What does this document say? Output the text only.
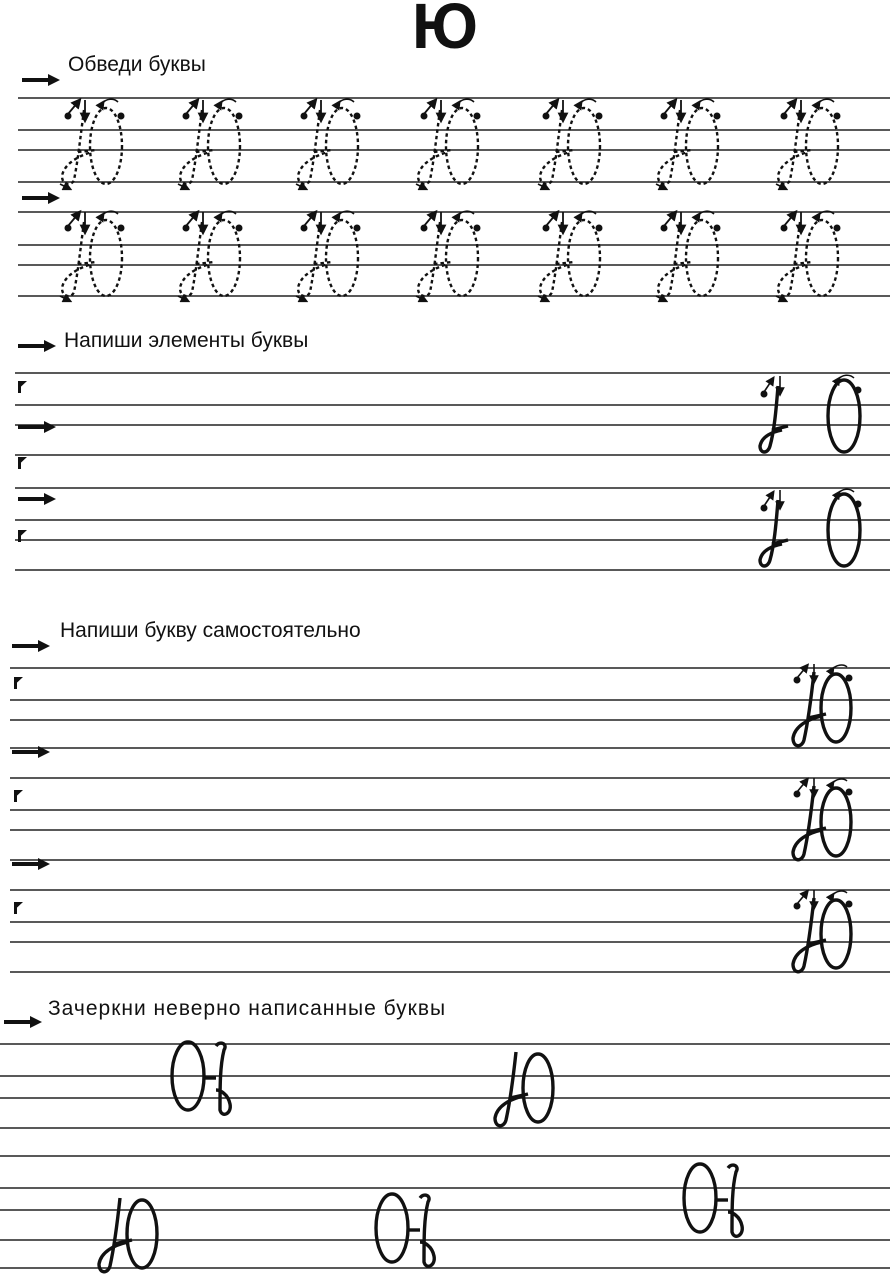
Ю
Обведи буквы
Напиши элементы буквы
Напиши букву самостоятельно
Зачеркни неверно написанные буквы
